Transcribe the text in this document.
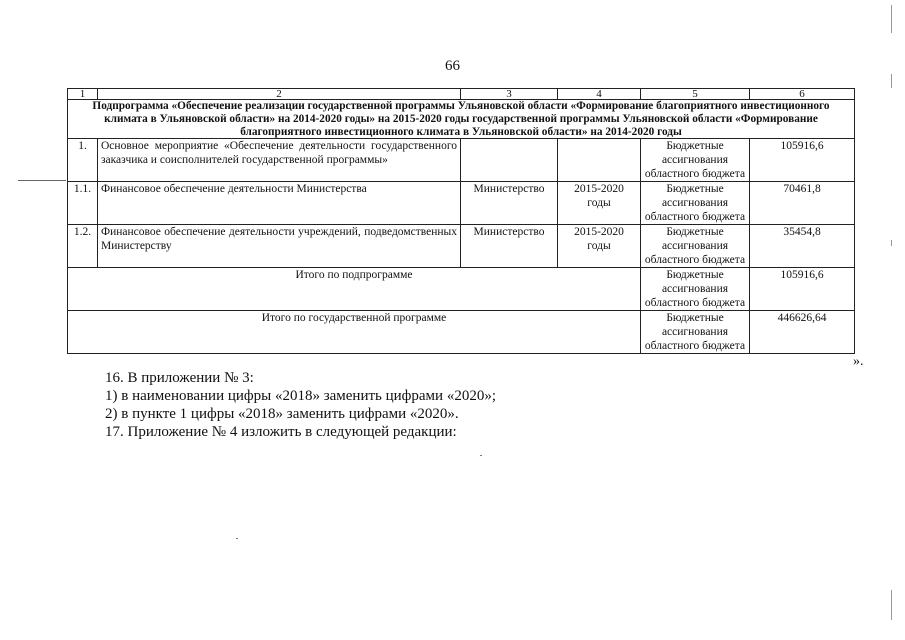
66
1	2	3	4	5	6
Подпрограмма «Обеспечение реализации государственной программы Ульяновской области «Формирование благоприятного инвестиционного климата в Ульяновской области» на 2014-2020 годы» на 2015-2020 годы государственной программы Ульяновской области «Формирование благоприятного инвестиционного климата в Ульяновской области» на 2014-2020 годы					
1.	Основное мероприятие «Обеспечение деятельности государственного заказчика и соисполнителей государственной программы»			Бюджетные ассигнования областного бюджета	105916,6
1.1.	Финансовое обеспечение деятельности Министерства	Министерство	2015-2020 годы	Бюджетные ассигнования областного бюджета	70461,8
1.2.	Финансовое обеспечение деятельности учреждений, подведомственных Министерству	Министерство	2015-2020 годы	Бюджетные ассигнования областного бюджета	35454,8
Итого по подпрограмме				Бюджетные ассигнования областного бюджета	105916,6
Итого по государственной программе				Бюджетные ассигнования областного бюджета	446626,64
».

16. В приложении № 3:

1) в наименовании цифры «2018» заменить цифрами «2020»;

2) в пункте 1 цифры «2018» заменить цифрами «2020».

17. Приложение № 4 изложить в следующей редакции:
